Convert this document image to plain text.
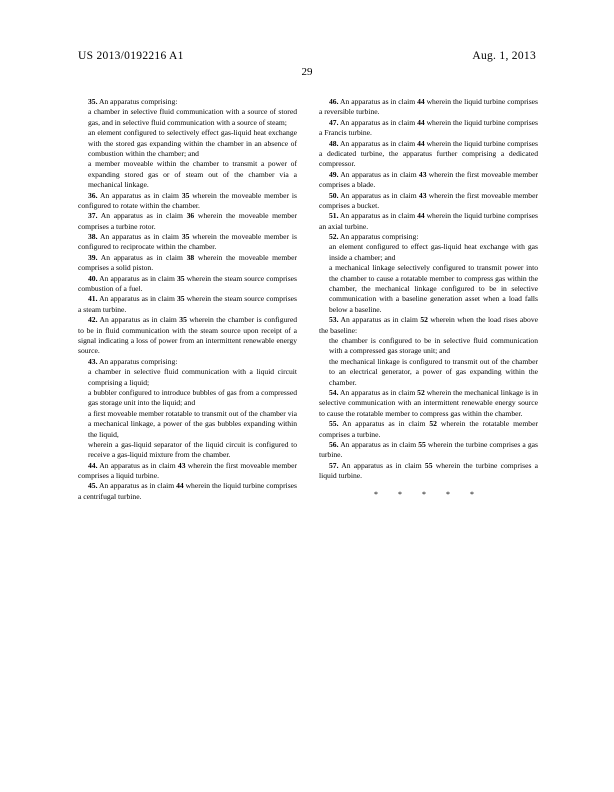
US 2013/0192216 A1	Aug. 1, 2013
29
35. An apparatus comprising:
a chamber in selective fluid communication with a source of stored gas, and in selective fluid communication with a source of steam;
an element configured to selectively effect gas-liquid heat exchange with the stored gas expanding within the chamber in an absence of combustion within the chamber; and
a member moveable within the chamber to transmit a power of expanding stored gas or of steam out of the chamber via a mechanical linkage.
36. An apparatus as in claim 35 wherein the moveable member is configured to rotate within the chamber.
37. An apparatus as in claim 36 wherein the moveable member comprises a turbine rotor.
38. An apparatus as in claim 35 wherein the moveable member is configured to reciprocate within the chamber.
39. An apparatus as in claim 38 wherein the moveable member comprises a solid piston.
40. An apparatus as in claim 35 wherein the steam source comprises combustion of a fuel.
41. An apparatus as in claim 35 wherein the steam source comprises a steam turbine.
42. An apparatus as in claim 35 wherein the chamber is configured to be in fluid communication with the steam source upon receipt of a signal indicating a loss of power from an intermittent renewable energy source.
43. An apparatus comprising:
a chamber in selective fluid communication with a liquid circuit comprising a liquid;
a bubbler configured to introduce bubbles of gas from a compressed gas storage unit into the liquid; and
a first moveable member rotatable to transmit out of the chamber via a mechanical linkage, a power of the gas bubbles expanding within the liquid,
wherein a gas-liquid separator of the liquid circuit is configured to receive a gas-liquid mixture from the chamber.
44. An apparatus as in claim 43 wherein the first moveable member comprises a liquid turbine.
45. An apparatus as in claim 44 wherein the liquid turbine comprises a centrifugal turbine.
46. An apparatus as in claim 44 wherein the liquid turbine comprises a reversible turbine.
47. An apparatus as in claim 44 wherein the liquid turbine comprises a Francis turbine.
48. An apparatus as in claim 44 wherein the liquid turbine comprises a dedicated turbine, the apparatus further comprising a dedicated compressor.
49. An apparatus as in claim 43 wherein the first moveable member comprises a blade.
50. An apparatus as in claim 43 wherein the first moveable member comprises a bucket.
51. An apparatus as in claim 44 wherein the liquid turbine comprises an axial turbine.
52. An apparatus comprising:
an element configured to effect gas-liquid heat exchange with gas inside a chamber; and
a mechanical linkage selectively configured to transmit power into the chamber to cause a rotatable member to compress gas within the chamber, the mechanical linkage configured to be in selective communication with a baseline generation asset when a load falls below a baseline.
53. An apparatus as in claim 52 wherein when the load rises above the baseline:
the chamber is configured to be in selective fluid communication with a compressed gas storage unit; and
the mechanical linkage is configured to transmit out of the chamber to an electrical generator, a power of gas expanding within the chamber.
54. An apparatus as in claim 52 wherein the mechanical linkage is in selective communication with an intermittent renewable energy source to cause the rotatable member to compress gas within the chamber.
55. An apparatus as in claim 52 wherein the rotatable member comprises a turbine.
56. An apparatus as in claim 55 wherein the turbine comprises a gas turbine.
57. An apparatus as in claim 55 wherein the turbine comprises a liquid turbine.
* * * * *
